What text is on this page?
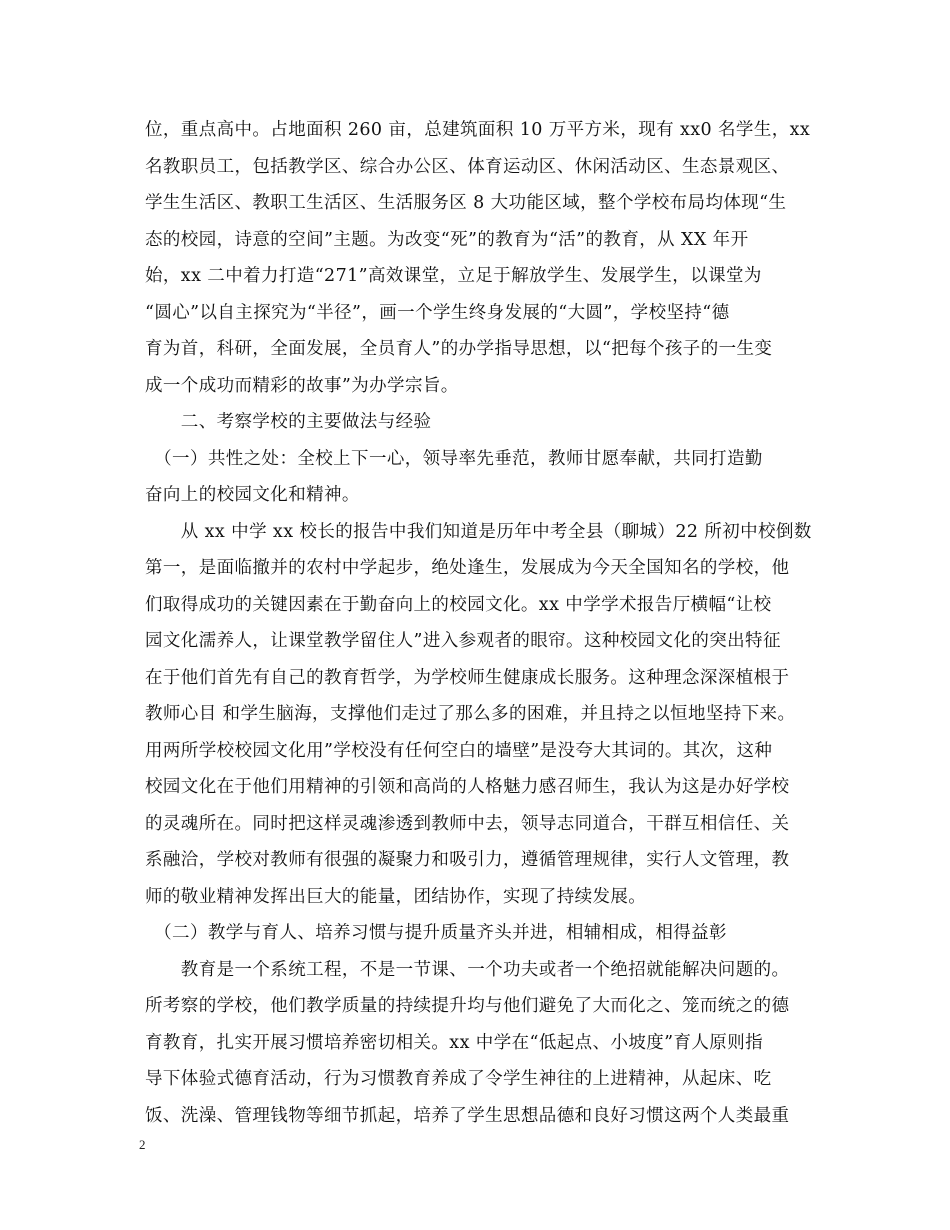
位，重点高中。占地面积 260 亩，总建筑面积 10 万平方米，现有 xx0 名学生，xx
名教职员工，包括教学区、综合办公区、体育运动区、休闲活动区、生态景观区、
学生生活区、教职工生活区、生活服务区 8 大功能区域，整个学校布局均体现“生
态的校园，诗意的空间”主题。为改变“死”的教育为“活”的教育，从 XX 年开
始，xx 二中着力打造“271”高效课堂，立足于解放学生、发展学生，以课堂为
“圆心”以自主探究为“半径”，画一个学生终身发展的“大圆”，学校坚持“德
育为首，科研，全面发展，全员育人”的办学指导思想，以“把每个孩子的一生变
成一个成功而精彩的故事”为办学宗旨。
　　二、考察学校的主要做法与经验
　（一）共性之处：全校上下一心，领导率先垂范，教师甘愿奉献，共同打造勤
奋向上的校园文化和精神。
　　从 xx 中学 xx 校长的报告中我们知道是历年中考全县（聊城）22 所初中校倒数
第一，是面临撤并的农村中学起步，绝处逢生，发展成为今天全国知名的学校，他
们取得成功的关键因素在于勤奋向上的校园文化。xx 中学学术报告厅横幅“让校
园文化濡养人，让课堂教学留住人”进入参观者的眼帘。这种校园文化的突出特征
在于他们首先有自己的教育哲学，为学校师生健康成长服务。这种理念深深植根于
教师心目 和学生脑海，支撑他们走过了那么多的困难，并且持之以恒地坚持下来。
用两所学校校园文化用”学校没有任何空白的墙壁”是没夸大其词的。其次，这种
校园文化在于他们用精神的引领和高尚的人格魅力感召师生，我认为这是办好学校
的灵魂所在。同时把这样灵魂渗透到教师中去，领导志同道合，干群互相信任、关
系融洽，学校对教师有很强的凝聚力和吸引力，遵循管理规律，实行人文管理，教
师的敬业精神发挥出巨大的能量，团结协作，实现了持续发展。
　（二）教学与育人、培养习惯与提升质量齐头并进，相辅相成，相得益彰
　　教育是一个系统工程，不是一节课、一个功夫或者一个绝招就能解决问题的。
所考察的学校，他们教学质量的持续提升均与他们避免了大而化之、笼而统之的德
育教育，扎实开展习惯培养密切相关。xx 中学在“低起点、小坡度”育人原则指
导下体验式德育活动，行为习惯教育养成了令学生神往的上进精神，从起床、吃
饭、洗澡、管理钱物等细节抓起，培养了学生思想品德和良好习惯这两个人类最重
2
